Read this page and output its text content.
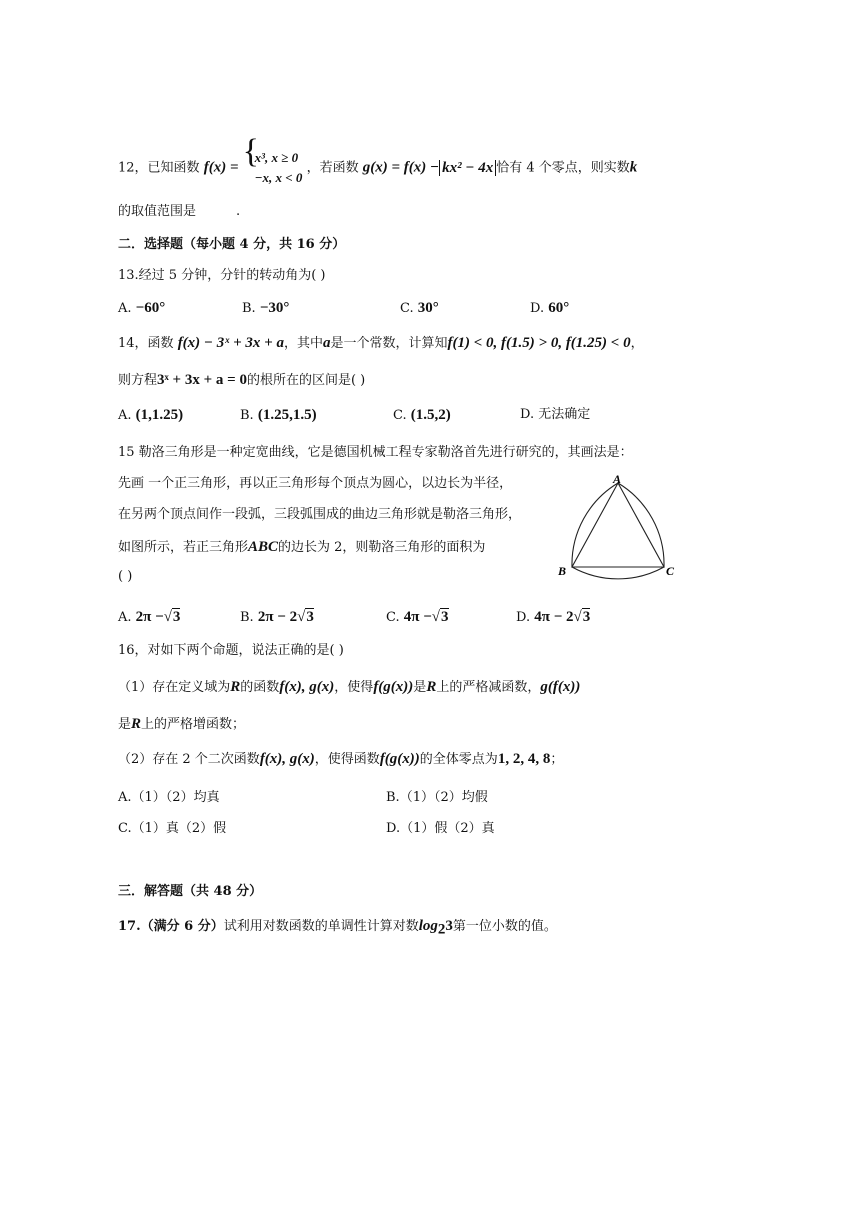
12，已知函数 f(x) =
{ x³, x ≥ 0
−x, x < 0
，若函数 g(x) = f(x) − kx² − 4x 恰有 4 个零点，则实数k
的取值范围是	.
二．选择题（每小题 4 分，共 16 分）
13.经过 5 分钟，分针的转动角为( )
A. −60°	B. −30°	C. 30°	D. 60°
14，函数 f(x) − 3ˣ + 3x + a，其中a是一个常数，计算知f(1) < 0, f(1.5) > 0, f(1.25) < 0，
则方程3ˣ + 3x + a = 0的根所在的区间是( )
A. (1,1.25)	B. (1.25,1.5)	C. (1.5,2)	D. 无法确定
15 勒洛三角形是一种定宽曲线，它是德国机械工程专家勒洛首先进行研究的，其画法是：
先画 一个正三角形，再以正三角形每个顶点为圆心，以边长为半径，
在另两个顶点间作一段弧，三段弧围成的曲边三角形就是勒洛三角形，
如图所示，若正三角形ABC的边长为 2，则勒洛三角形的面积为
( )
A
B	C
A. 2π −√3	B. 2π − 2√3	C. 4π −√3	D. 4π − 2√3
16，对如下两个命题，说法正确的是( )
（1）存在定义域为R的函数f(x), g(x)，使得f(g(x))是R上的严格减函数，g(f(x))
是R上的严格增函数；
（2）存在 2 个二次函数f(x), g(x)，使得函数f(g(x))的全体零点为1, 2, 4, 8；
A.（1）（2）均真	B.（1）（2）均假
C.（1）真（2）假	D.（1）假（2）真
三．解答题（共 48 分）
17.（满分 6 分）试利用对数函数的单调性计算对数$\log_23$第一位小数的值。
